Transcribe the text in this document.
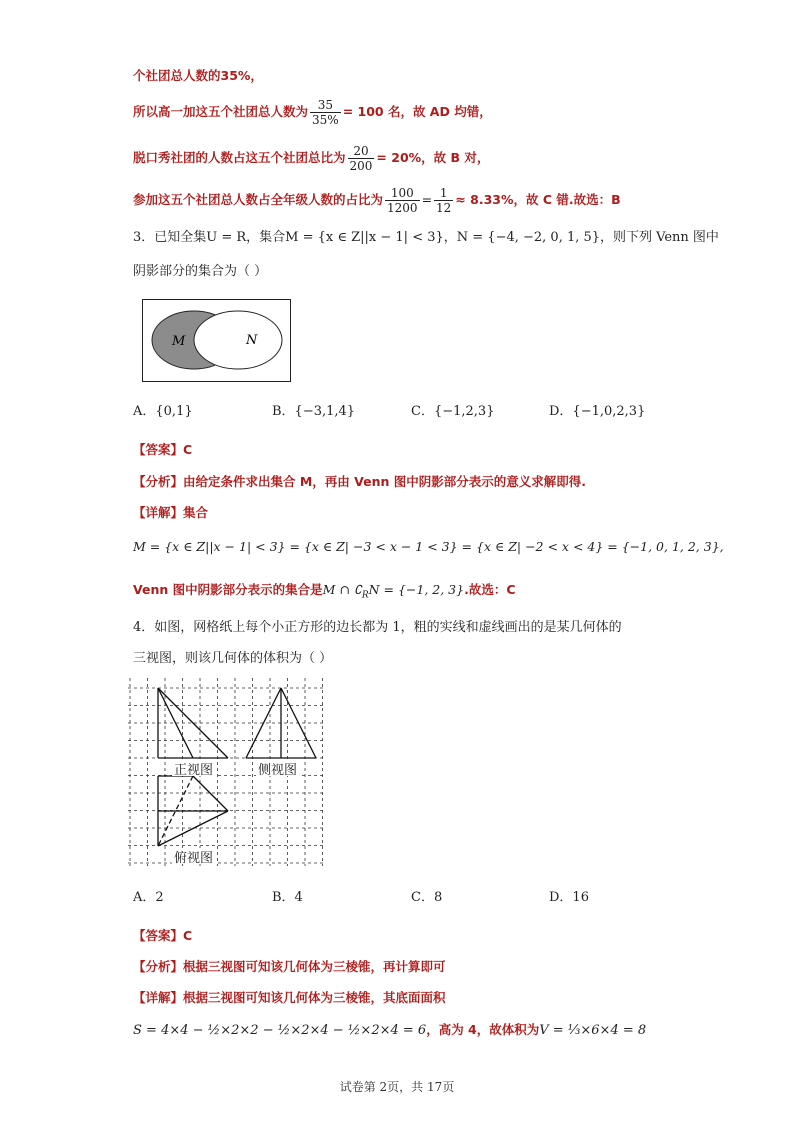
个社团总人数的35%，
所以高一加这五个社团总人数为 $\frac{35}{35\%} = 100$ 名，故 AD 均错，
脱口秀社团的人数占这五个社团总比为 $\frac{20}{200} = 20\%$，故 B 对，
参加这五个社团总人数占全年级人数的占比为 $\frac{100}{1200} = \frac{1}{12} \approx 8.33\%$，故 C 错.故选：B
3．已知全集U = R，集合M = {x ∈ Z||x − 1| < 3}，N = {−4, −2, 0, 1, 5}，则下列 Venn 图中
阴影部分的集合为（ ）
M	N
A．{0,1}	B．{−3,1,4}	C．{−1,2,3}	D．{−1,0,2,3}
【答案】C
【分析】由给定条件求出集合 M，再由 Venn 图中阴影部分表示的意义求解即得.
【详解】集合
M = {x ∈ Z||x − 1| < 3} = {x ∈ Z| −3 < x − 1 < 3} = {x ∈ Z| −2 < x < 4} = {−1, 0, 1, 2, 3},
Venn 图中阴影部分表示的集合是M ∩ $∁_RN = \{-1$, 2, 3}.故选：C
4．如图，网格纸上每个小正方形的边长都为 1，粗的实线和虚线画出的是某几何体的
三视图，则该几何体的体积为（ ）
正视图	侧视图
俯视图
A．2	B．4	C．8	D．16
【答案】C
【分析】根据三视图可知该几何体为三棱锥，再计算即可
【详解】根据三视图可知该几何体为三棱锥，其底面面积
S = 4×4 − ½×2×2 − ½×2×4 − ½×2×4 = 6，高为 4，故体积为V = ⅓×6×4 = 8
试卷第 2页，共 17页
